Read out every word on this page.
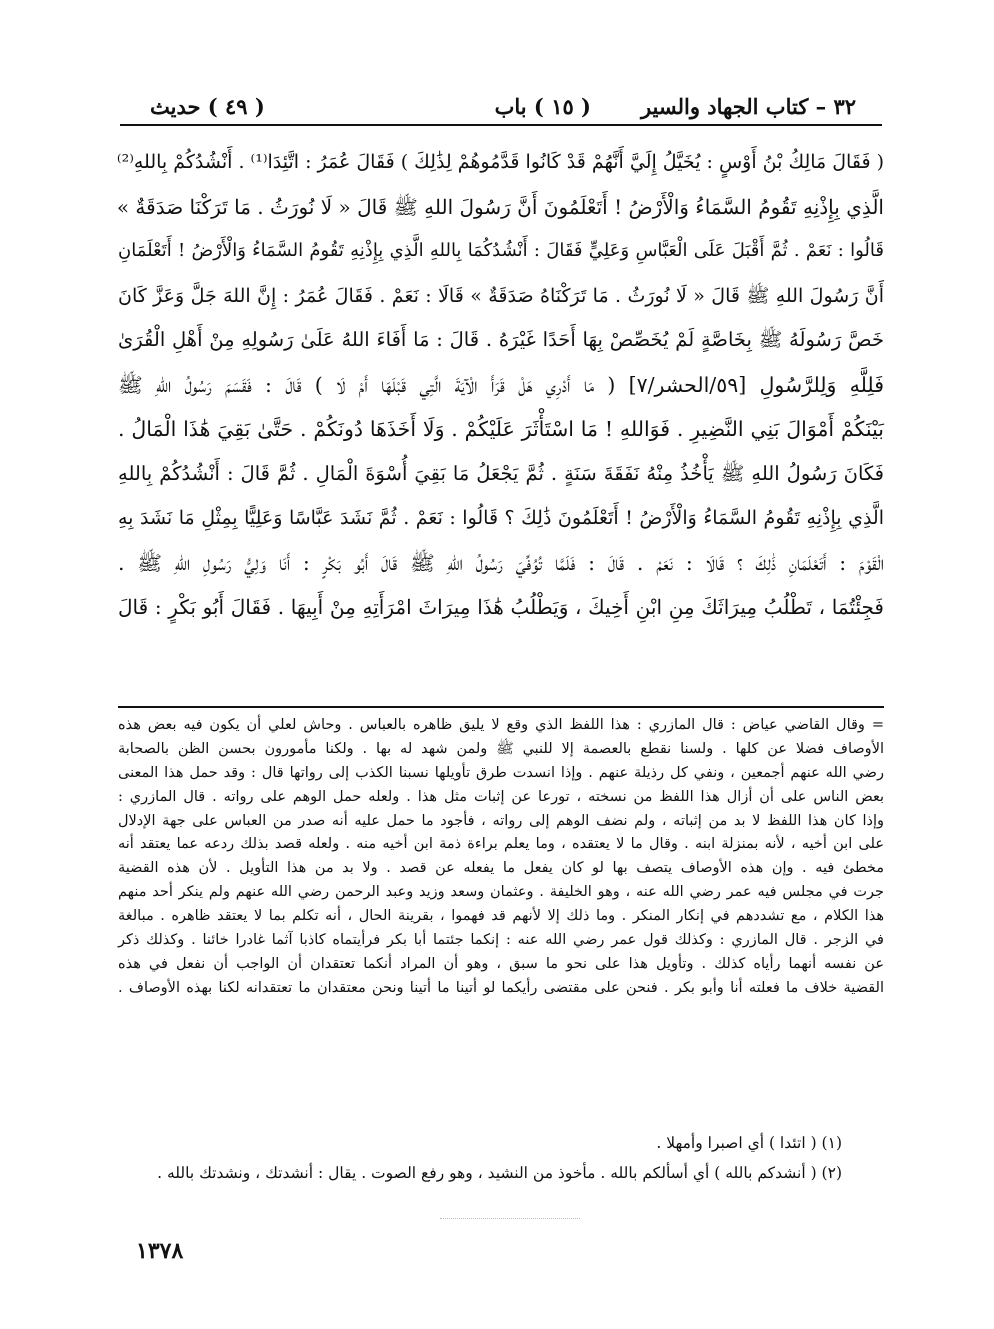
٣٢ – كتاب الجهاد والسير
( ١٥ ) باب
( ٤٩ ) حديث
( فَقَالَ مَالِكُ بْنُ أَوْسٍ : يُخَيَّلُ إِلَيَّ أَنَّهُمْ قَدْ كَانُوا قَدَّمُوهُمْ لِذَٰلِكَ ) فَقَالَ عُمَرُ : اتَّئِدَا⁽¹⁾ . أَنْشُدُكُمْ بِاللهِ⁽²⁾
الَّذِي بِإِذْنِهِ تَقُومُ السَّمَاءُ وَالْأَرْضُ ! أَتَعْلَمُونَ أَنَّ رَسُولَ اللهِ ﷺ قَالَ « لَا نُورَثُ . مَا تَرَكْنَا صَدَقَةٌ »
قَالُوا : نَعَمْ . ثُمَّ أَقْبَلَ عَلَى الْعَبَّاسِ وَعَلِيٍّ فَقَالَ : أَنْشُدُكُمَا بِاللهِ الَّذِي بِإِذْنِهِ تَقُومُ السَّمَاءُ وَالْأَرْضُ ! أَتَعْلَمَانِ
أَنَّ رَسُولَ اللهِ ﷺ قَالَ « لَا نُورَثُ . مَا تَرَكْنَاهُ صَدَقَةٌ » قَالَا : نَعَمْ . فَقَالَ عُمَرُ : إِنَّ اللهَ جَلَّ وَعَزَّ كَانَ
خَصَّ رَسُولَهُ ﷺ بِخَاصَّةٍ لَمْ يُخَصِّصْ بِهَا أَحَدًا غَيْرَهُ . قَالَ : مَا أَفَاءَ اللهُ عَلَىٰ رَسُولِهِ مِنْ أَهْلِ الْقُرَىٰ
فَلِلَّهِ وَلِلرَّسُولِ [٥٩/الحشر/٧] ( مَا أَدْرِي هَلْ قَرَأَ الْآيَةَ الَّتِي قَبْلَهَا أَمْ لَا ) قَالَ : فَقَسَمَ رَسُولُ اللهِ ﷺ
بَيْنَكُمْ أَمْوَالَ بَنِي النَّضِيرِ . فَوَاللهِ ! مَا اسْتَأْثَرَ عَلَيْكُمْ . وَلَا أَخَذَهَا دُونَكُمْ . حَتَّىٰ بَقِيَ هَٰذَا الْمَالُ .
فَكَانَ رَسُولُ اللهِ ﷺ يَأْخُذُ مِنْهُ نَفَقَةَ سَنَةٍ . ثُمَّ يَجْعَلُ مَا بَقِيَ أُسْوَةَ الْمَالِ . ثُمَّ قَالَ : أَنْشُدُكُمْ بِاللهِ
الَّذِي بِإِذْنِهِ تَقُومُ السَّمَاءُ وَالْأَرْضُ ! أَتَعْلَمُونَ ذَٰلِكَ ؟ قَالُوا : نَعَمْ . ثُمَّ نَشَدَ عَبَّاسًا وَعَلِيًّا بِمِثْلِ مَا نَشَدَ بِهِ
الْقَوْمَ : أَتَعْلَمَانِ ذَٰلِكَ ؟ قَالَا : نَعَمْ . قَالَ : فَلَمَّا تُوُفِّيَ رَسُولُ اللهِ ﷺ قَالَ أَبُو بَكْرٍ : أَنَا وَلِيُّ رَسُولِ اللهِ ﷺ .
فَجِئْتُمَا ، تَطْلُبُ مِيرَاثَكَ مِنِ ابْنِ أَخِيكَ ، وَيَطْلُبُ هَٰذَا مِيرَاثَ امْرَأَتِهِ مِنْ أَبِيهَا . فَقَالَ أَبُو بَكْرٍ : قَالَ
= وقال القاضي عياض : قال المازري : هذا اللفظ الذي وقع لا يليق ظاهره بالعباس . وحاش لعلي أن يكون فيه بعض هذه
الأوصاف فضلا عن كلها . ولسنا نقطع بالعصمة إلا للنبي ﷺ ولمن شهد له بها . ولكنا مأمورون بحسن الظن بالصحابة
رضي الله عنهم أجمعين ، ونفي كل رذيلة عنهم . وإذا انسدت طرق تأويلها نسبنا الكذب إلى رواتها قال : وقد حمل هذا المعنى
بعض الناس على أن أزال هذا اللفظ من نسخته ، تورعا عن إثبات مثل هذا . ولعله حمل الوهم على رواته . قال المازري :
وإذا كان هذا اللفظ لا بد من إثباته ، ولم نضف الوهم إلى رواته ، فأجود ما حمل عليه أنه صدر من العباس على جهة الإدلال
على ابن أخيه ، لأنه بمنزلة ابنه . وقال ما لا يعتقده ، وما يعلم براءة ذمة ابن أخيه منه . ولعله قصد بذلك ردعه عما يعتقد أنه
مخطئ فيه . وإن هذه الأوصاف يتصف بها لو كان يفعل ما يفعله عن قصد . ولا بد من هذا التأويل . لأن هذه القضية
جرت في مجلس فيه عمر رضي الله عنه ، وهو الخليفة . وعثمان وسعد وزيد وعبد الرحمن رضي الله عنهم ولم ينكر أحد منهم
هذا الكلام ، مع تشددهم في إنكار المنكر . وما ذلك إلا لأنهم قد فهموا ، بقرينة الحال ، أنه تكلم بما لا يعتقد ظاهره . مبالغة
في الزجر . قال المازري : وكذلك قول عمر رضي الله عنه : إنكما جئتما أبا بكر فرأيتماه كاذبا آثما غادرا خائنا . وكذلك ذكر
عن نفسه أنهما رأياه كذلك . وتأويل هذا على نحو ما سبق ، وهو أن المراد أنكما تعتقدان أن الواجب أن نفعل في هذه
القضية خلاف ما فعلته أنا وأبو بكر . فنحن على مقتضى رأيكما لو أتينا ما أتينا ونحن معتقدان ما تعتقدانه لكنا بهذه الأوصاف .
(١) ( اتئدا ) أي اصبرا وأمهلا .
(٢) ( أنشدكم بالله ) أي أسألكم بالله . مأخوذ من النشيد ، وهو رفع الصوت . يقال : أنشدتك ، ونشدتك بالله .
١٣٧٨
